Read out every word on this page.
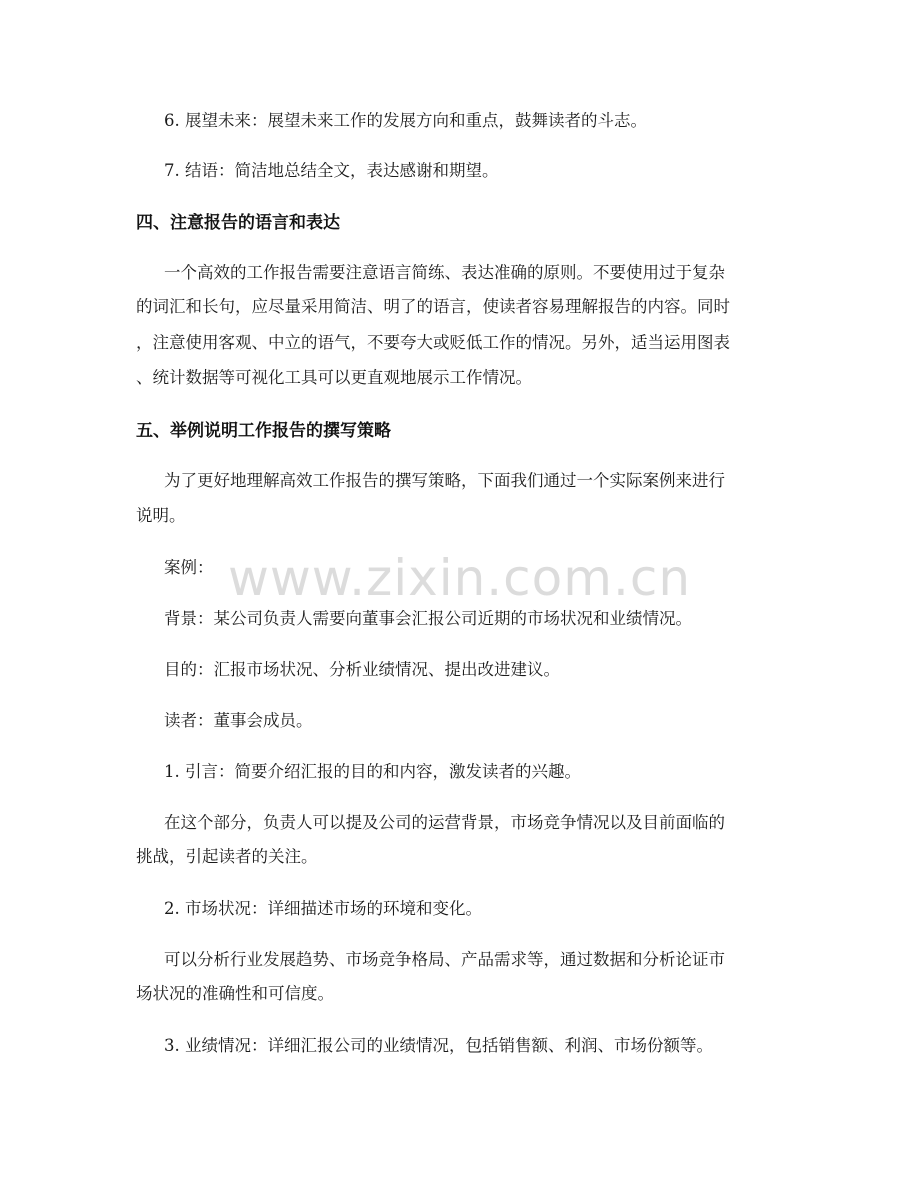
www.zixin.com.cn
6. 展望未来：展望未来工作的发展方向和重点，鼓舞读者的斗志。
7. 结语：简洁地总结全文，表达感谢和期望。
四、注意报告的语言和表达
一个高效的工作报告需要注意语言简练、表达准确的原则。不要使用过于复杂
的词汇和长句，应尽量采用简洁、明了的语言，使读者容易理解报告的内容。同时
，注意使用客观、中立的语气，不要夸大或贬低工作的情况。另外，适当运用图表
、统计数据等可视化工具可以更直观地展示工作情况。
五、举例说明工作报告的撰写策略
为了更好地理解高效工作报告的撰写策略，下面我们通过一个实际案例来进行
说明。
案例：
背景：某公司负责人需要向董事会汇报公司近期的市场状况和业绩情况。
目的：汇报市场状况、分析业绩情况、提出改进建议。
读者：董事会成员。
1. 引言：简要介绍汇报的目的和内容，激发读者的兴趣。
在这个部分，负责人可以提及公司的运营背景，市场竞争情况以及目前面临的
挑战，引起读者的关注。
2. 市场状况：详细描述市场的环境和变化。
可以分析行业发展趋势、市场竞争格局、产品需求等，通过数据和分析论证市
场状况的准确性和可信度。
3. 业绩情况：详细汇报公司的业绩情况，包括销售额、利润、市场份额等。
